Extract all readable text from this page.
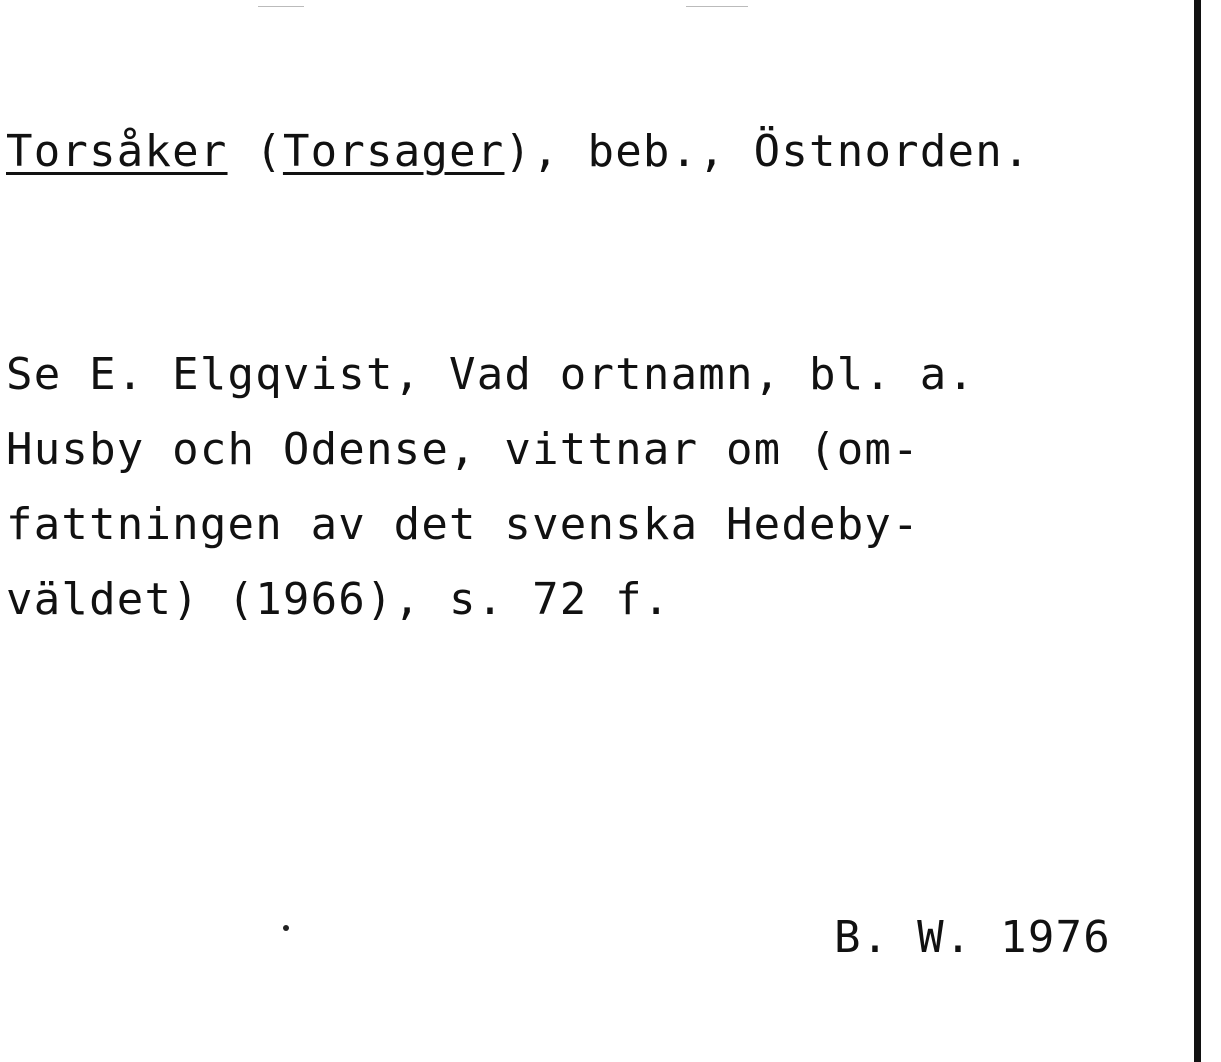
Torsåker (Torsager), beb., Östnorden.

Se E. Elgqvist, Vad ortnamn, bl. a.

Husby och Odense, vittnar om (om-

fattningen av det svenska Hedeby-

väldet) (1966), s. 72 f.

B. W. 1976
